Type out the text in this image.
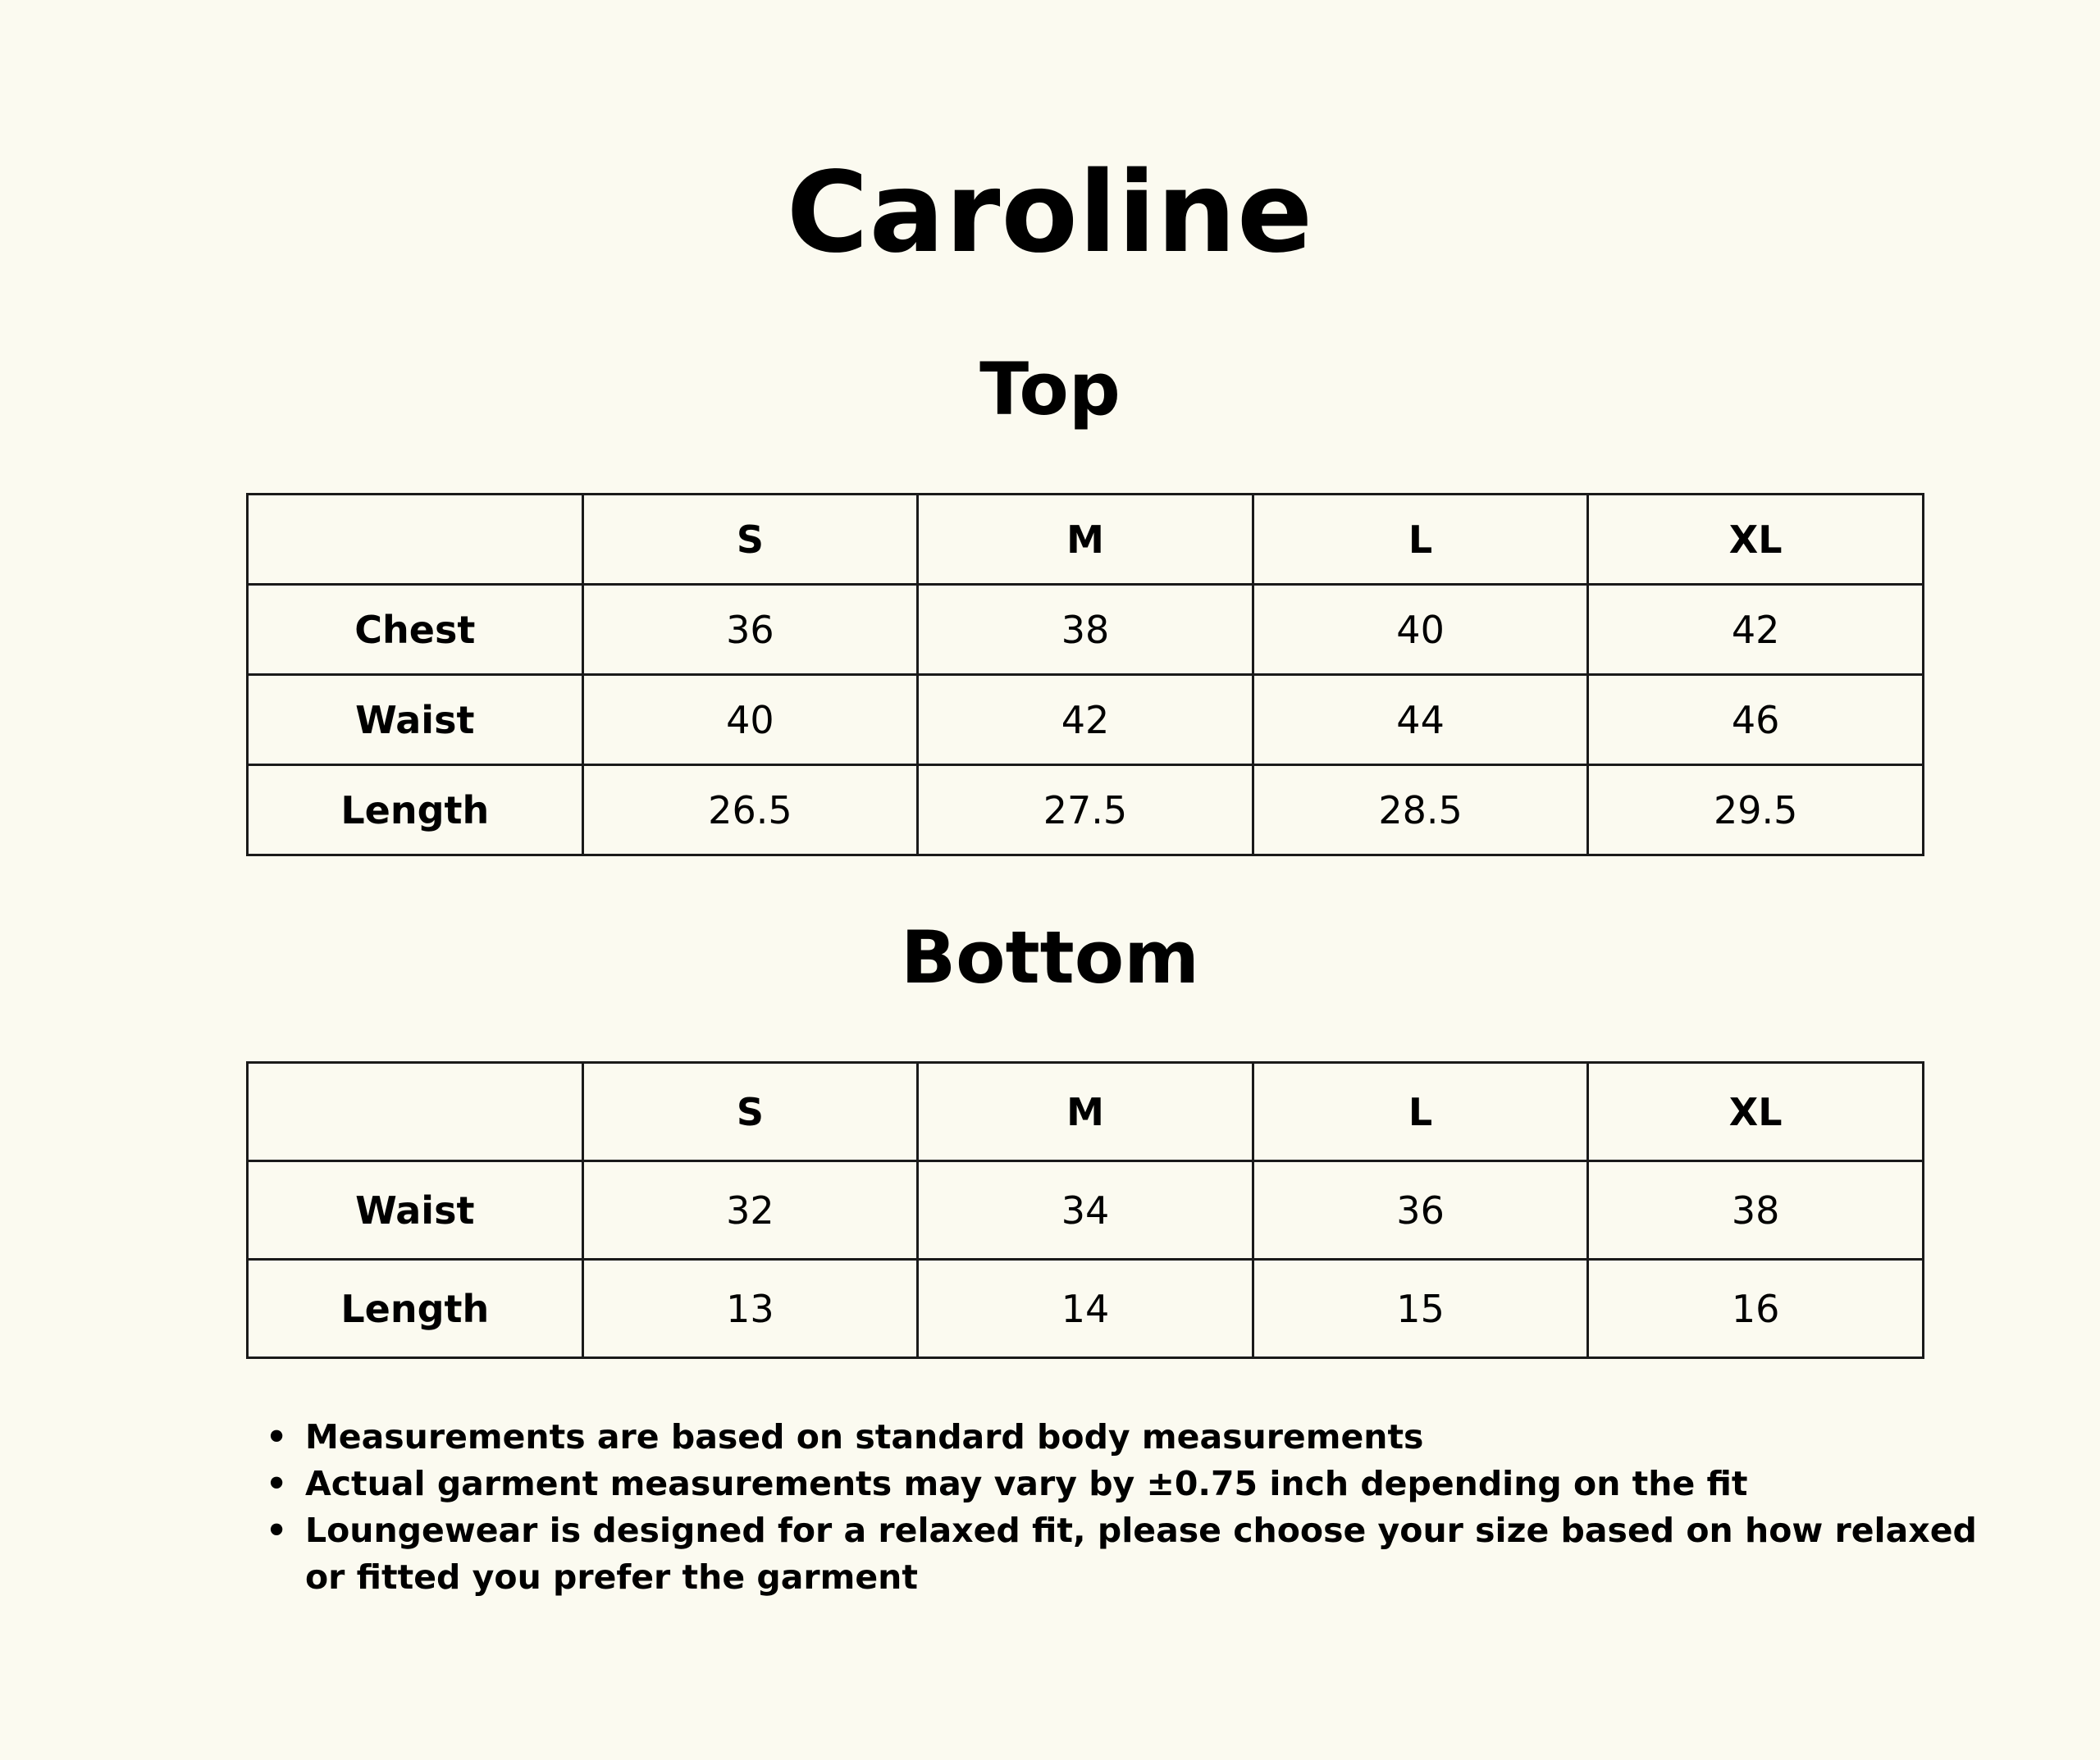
Caroline
Top
	S	M	L	XL
Chest	36	38	40	42
Waist	40	42	44	46
Length	26.5	27.5	28.5	29.5
Bottom
	S	M	L	XL
Waist	32	34	36	38
Length	13	14	15	16
• Measurements are based on standard body measurements
• Actual garment measurements may vary by ±0.75 inch depending on the fit
• Loungewear is designed for a relaxed fit, please choose your size based on how relaxed or fitted you prefer the garment
